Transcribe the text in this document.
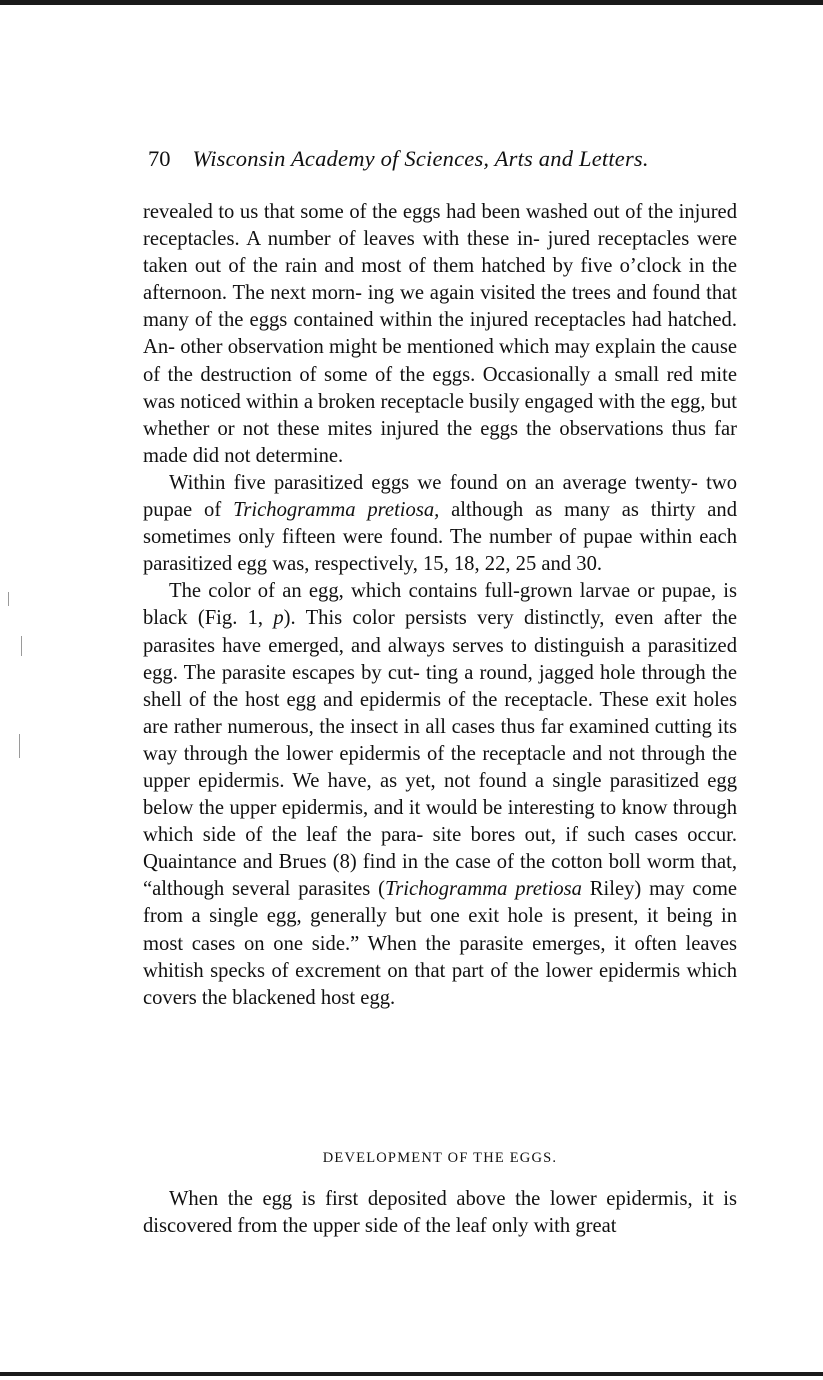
70 Wisconsin Academy of Sciences, Arts and Letters.

revealed to us that some of the eggs had been washed out of the injured receptacles. A number of leaves with these in- jured receptacles were taken out of the rain and most of them hatched by five o’clock in the afternoon. The next morn- ing we again visited the trees and found that many of the eggs contained within the injured receptacles had hatched. An- other observation might be mentioned which may explain the cause of the destruction of some of the eggs. Occasionally a small red mite was noticed within a broken receptacle busily engaged with the egg, but whether or not these mites injured the eggs the observations thus far made did not determine.

Within five parasitized eggs we found on an average twenty- two pupae of Trichogramma pretiosa, although as many as thirty and sometimes only fifteen were found. The number of pupae within each parasitized egg was, respectively, 15, 18, 22, 25 and 30.

The color of an egg, which contains full-grown larvae or pupae, is black (Fig. 1, p). This color persists very distinctly, even after the parasites have emerged, and always serves to distinguish a parasitized egg. The parasite escapes by cut- ting a round, jagged hole through the shell of the host egg and epidermis of the receptacle. These exit holes are rather numerous, the insect in all cases thus far examined cutting its way through the lower epidermis of the receptacle and not through the upper epidermis. We have, as yet, not found a single parasitized egg below the upper epidermis, and it would be interesting to know through which side of the leaf the para- site bores out, if such cases occur. Quaintance and Brues (8) find in the case of the cotton boll worm that, “although several parasites (Trichogramma pretiosa Riley) may come from a single egg, generally but one exit hole is present, it being in most cases on one side.” When the parasite emerges, it often leaves whitish specks of excrement on that part of the lower epidermis which covers the blackened host egg.

DEVELOPMENT OF THE EGGS.

When the egg is first deposited above the lower epidermis, it is discovered from the upper side of the leaf only with great
